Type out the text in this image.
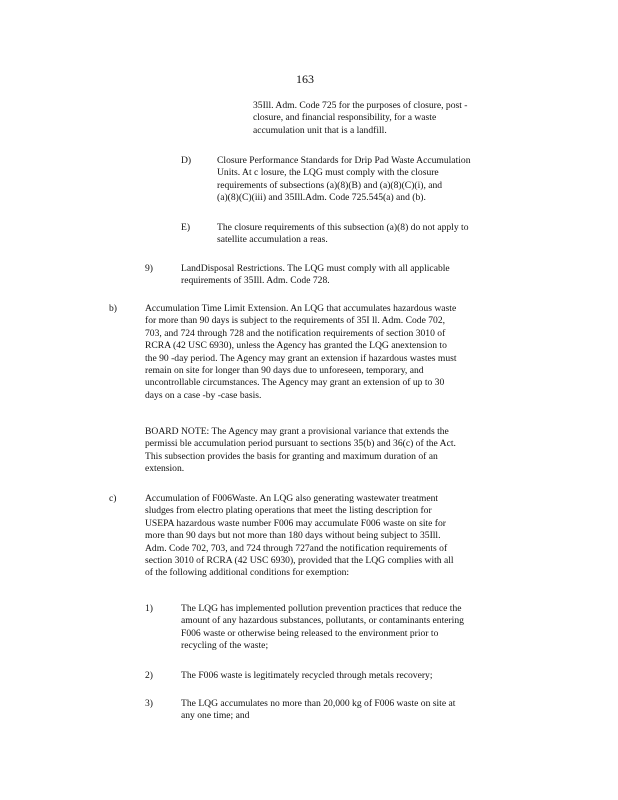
163
35Ill. Adm. Code 725 for the purposes of closure, post -
closure, and financial responsibility, for a waste
accumulation unit that is a landfill.
D)	Closure Performance Standards for Drip Pad Waste Accumulation
Units. At c losure, the LQG must comply with the closure
requirements of subsections (a)(8)(B) and (a)(8)(C)(i), and
(a)(8)(C)(iii) and 35Ill.Adm. Code 725.545(a) and (b).
E)	The closure requirements of this subsection (a)(8) do not apply to
satellite accumulation a reas.
9)	LandDisposal Restrictions. The LQG must comply with all applicable
requirements of 35Ill. Adm. Code 728.
b)	Accumulation Time Limit Extension. An LQG that accumulates hazardous waste
for more than 90 days is subject to the requirements of 35I ll. Adm. Code 702,
703, and 724 through 728 and the notification requirements of section 3010 of
RCRA (42 USC 6930), unless the Agency has granted the LQG anextension to
the 90 -day period. The Agency may grant an extension if hazardous wastes must
remain on site for longer than 90 days due to unforeseen, temporary, and
uncontrollable circumstances. The Agency may grant an extension of up to 30
days on a case -by -case basis.
BOARD NOTE: The Agency may grant a provisional variance that extends the
permissi ble accumulation period pursuant to sections 35(b) and 36(c) of the Act.
This subsection provides the basis for granting and maximum duration of an
extension.
c)	Accumulation of F006Waste. An LQG also generating wastewater treatment
sludges from electro plating operations that meet the listing description for
USEPA hazardous waste number F006 may accumulate F006 waste on site for
more than 90 days but not more than 180 days without being subject to 35Ill.
Adm. Code 702, 703, and 724 through 727and the notification requirements of
section 3010 of RCRA (42 USC 6930), provided that the LQG complies with all
of the following additional conditions for exemption:
1)	The LQG has implemented pollution prevention practices that reduce the
amount of any hazardous substances, pollutants, or contaminants entering
F006 waste or otherwise being released to the environment prior to
recycling of the waste;
2)	The F006 waste is legitimately recycled through metals recovery;
3)	The LQG accumulates no more than 20,000 kg of F006 waste on site at
any one time; and
